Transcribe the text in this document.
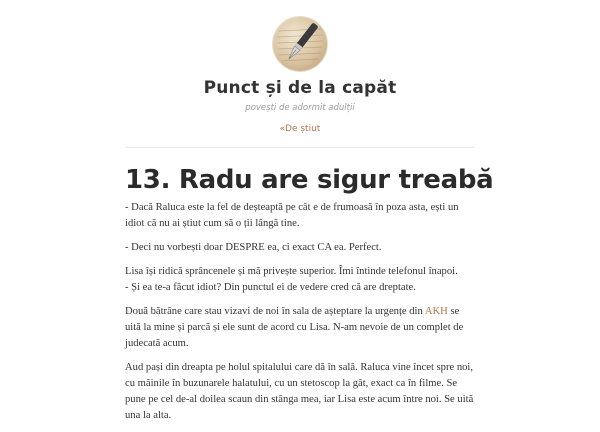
Punct și de la capăt
povești de adormit adulții
«De știut
13. Radu are sigur treabă

- Dacă Raluca este la fel de deșteaptă pe cât e de frumoasă în poza asta, ești un idiot că nu ai știut cum să o ții lângă tine.

- Deci nu vorbești doar DESPRE ea, ci exact CA ea. Perfect.

Lisa își ridică sprâncenele și mă privește superior. Îmi întinde telefonul înapoi.
- Și ea te-a făcut idiot? Din punctul ei de vedere cred că are dreptate.

Două bătrâne care stau vizavi de noi în sala de așteptare la urgențe din AKH se uită la mine și parcă și ele sunt de acord cu Lisa. N-am nevoie de un complet de judecată acum.

Aud pași din dreapta pe holul spitalului care dă în sală. Raluca vine încet spre noi, cu mâinile în buzunarele halatului, cu un stetoscop la gât, exact ca în filme. Se pune pe cel de-al doilea scaun din stânga mea, iar Lisa este acum între noi. Se uită una la alta.
